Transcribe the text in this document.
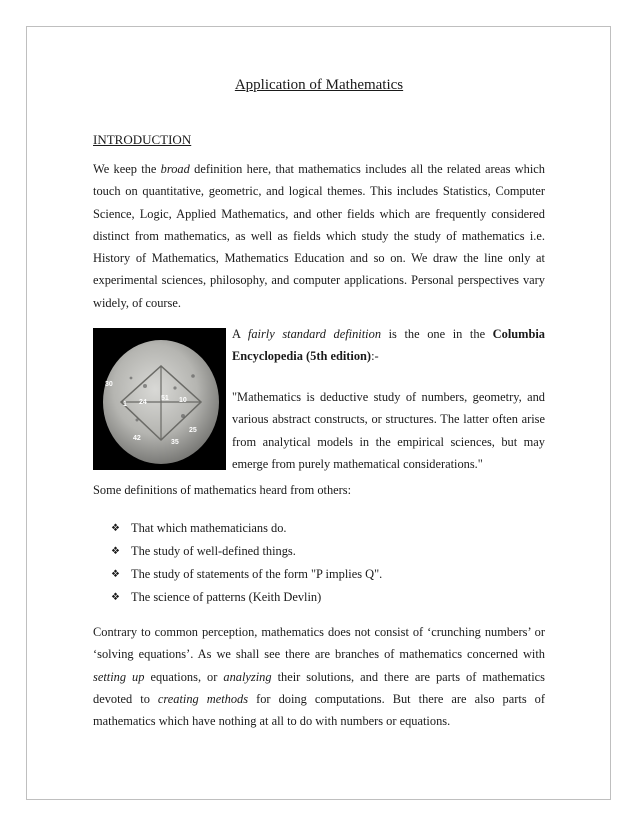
Application of Mathematics
INTRODUCTION

We keep the broad definition here, that mathematics includes all the related areas which touch on quantitative, geometric, and logical themes. This includes Statistics, Computer Science, Logic, Applied Mathematics, and other fields which are frequently considered distinct from mathematics, as well as fields which study the study of mathematics i.e. History of Mathematics, Mathematics Education and so on. We draw the line only at experimental sciences, philosophy, and computer applications. Personal perspectives vary widely, of course.

30
1 24
51 10
42
25
35

A fairly standard definition is the one in the Columbia Encyclopedia (5th edition):-

"Mathematics is deductive study of numbers, geometry, and various abstract constructs, or structures. The latter often arise from analytical models in the empirical sciences, but may emerge from purely mathematical considerations."

Some definitions of mathematics heard from others:
❖ That which mathematicians do.
❖ The study of well-defined things.
❖ The study of statements of the form "P implies Q".
❖ The science of patterns (Keith Devlin)

Contrary to common perception, mathematics does not consist of ‘crunching numbers’ or ‘solving equations’. As we shall see there are branches of mathematics concerned with setting up equations, or analyzing their solutions, and there are parts of mathematics devoted to creating methods for doing computations. But there are also parts of mathematics which have nothing at all to do with numbers or equations.
